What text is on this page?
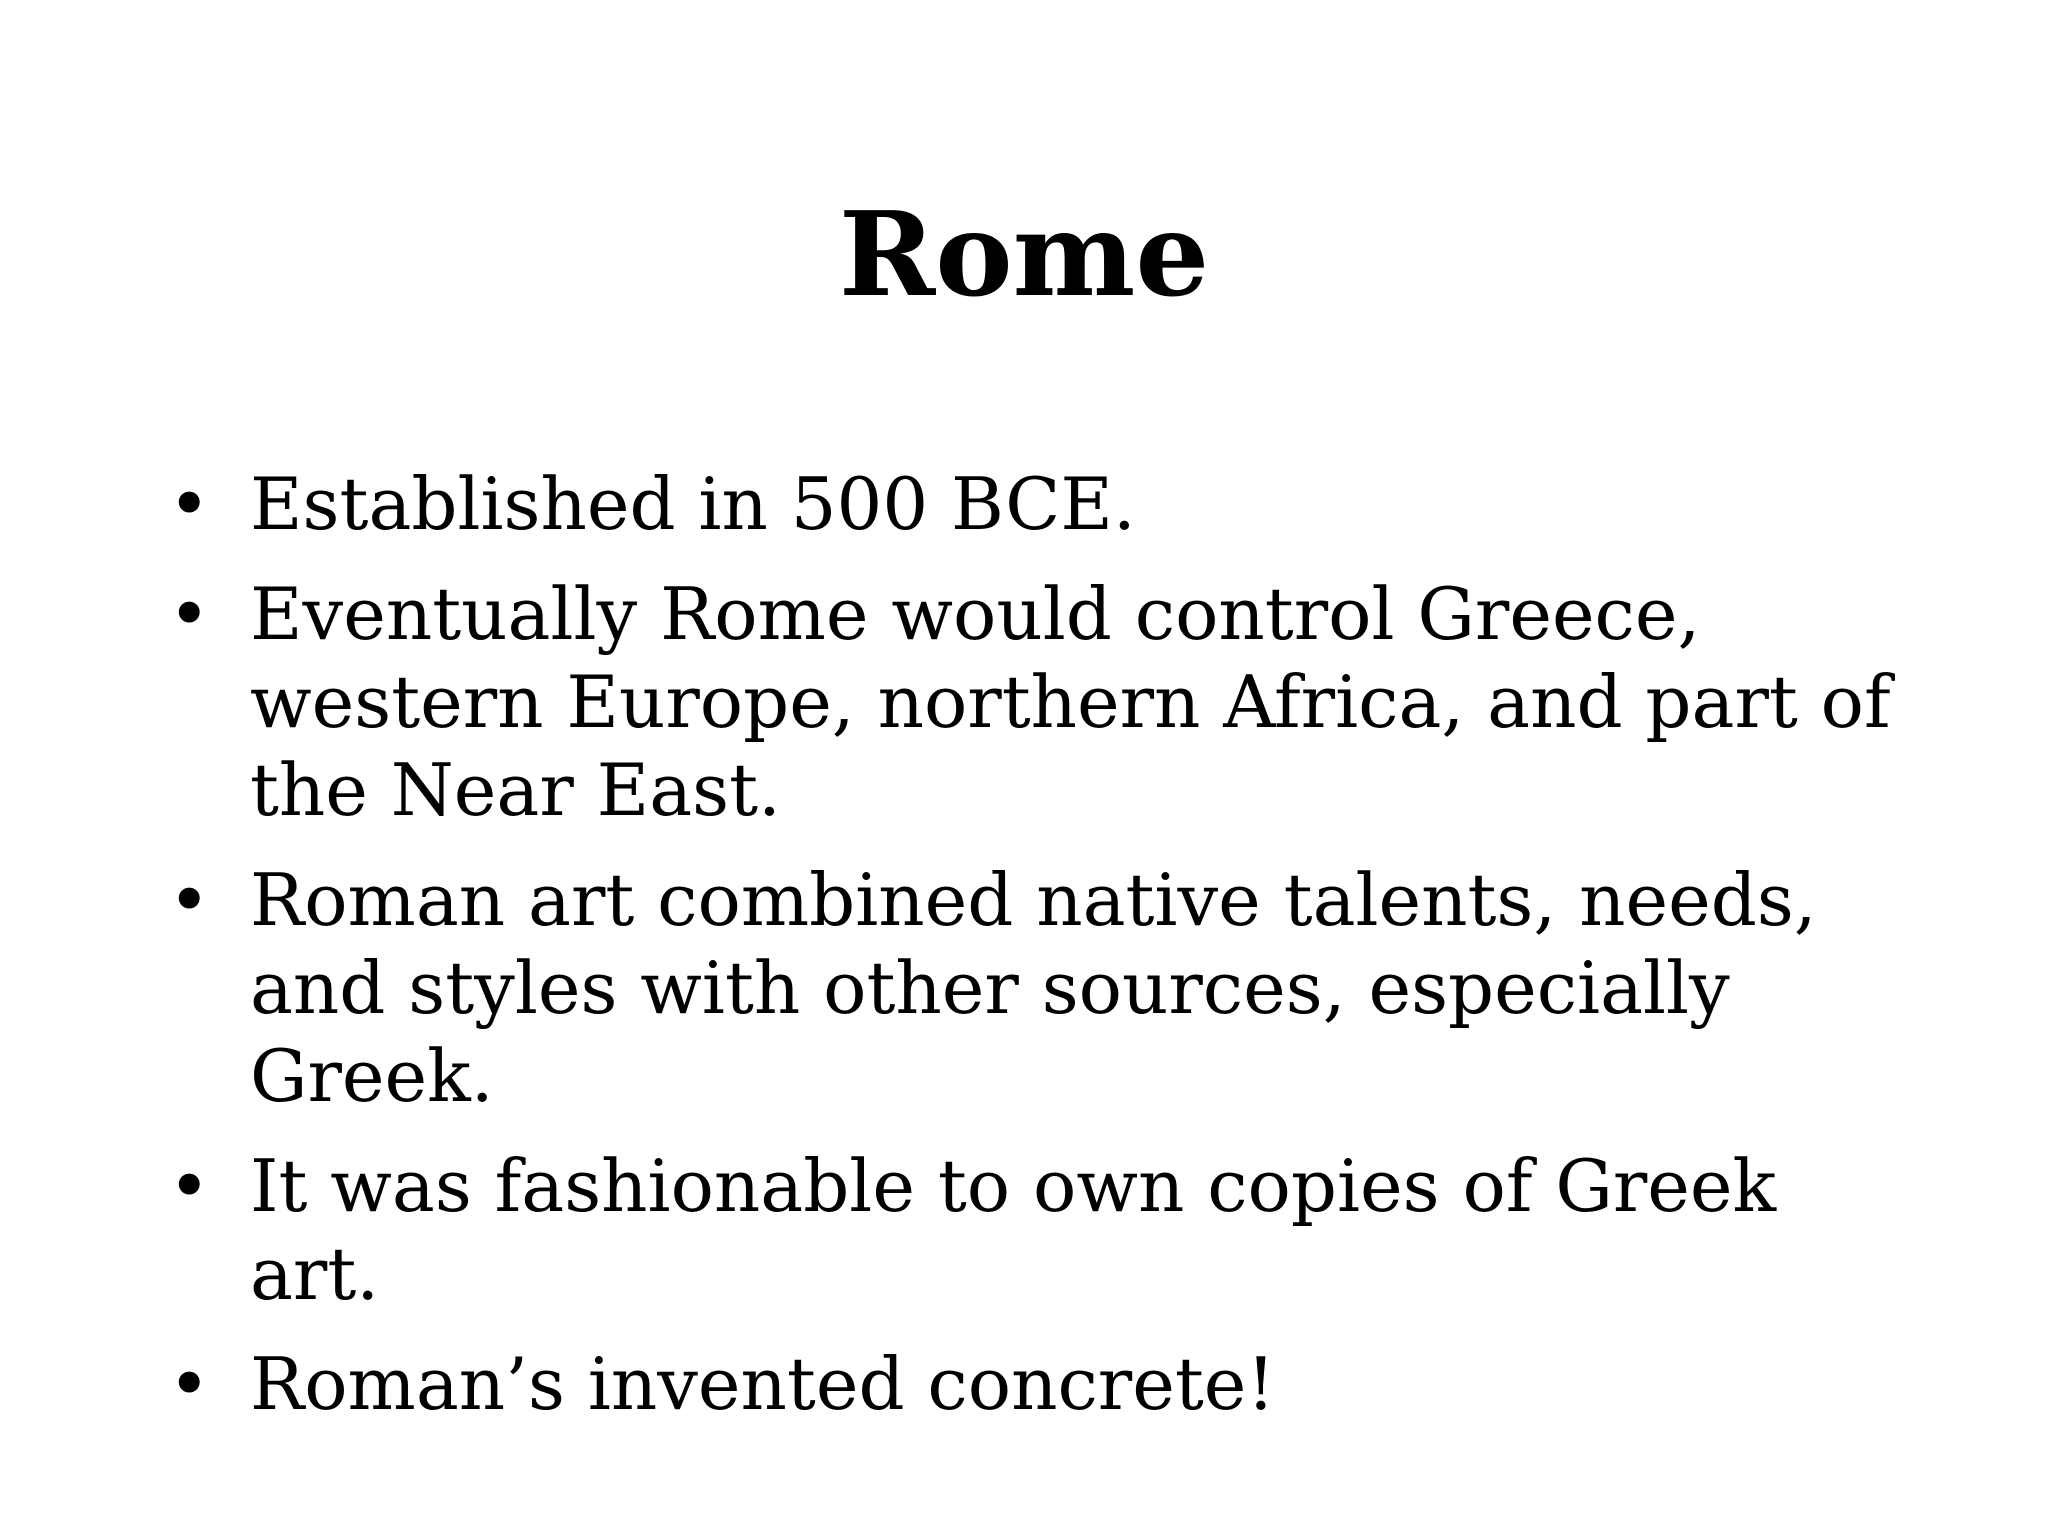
Rome
• Established in 500 BCE.
• Eventually Rome would control Greece, western Europe, northern Africa, and part of the Near East.
• Roman art combined native talents, needs, and styles with other sources, especially Greek.
• It was fashionable to own copies of Greek art.
• Roman’s invented concrete!
